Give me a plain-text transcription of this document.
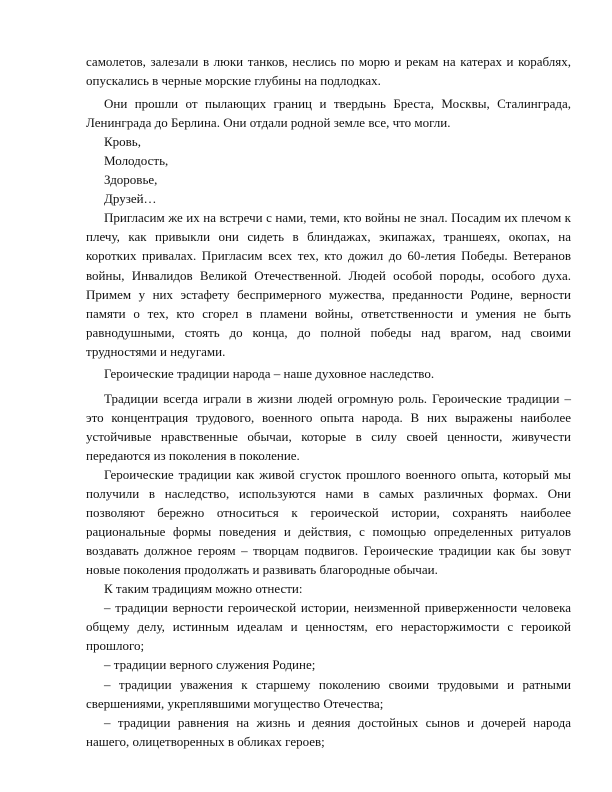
самолетов, залезали в люки танков, неслись по морю и рекам на катерах и кораблях, опускались в черные морские глубины на подлодках.

Они прошли от пылающих границ и твердынь Бреста, Москвы, Сталинграда, Ленинграда до Берлина. Они отдали родной земле все, что могли.

Кровь,

Молодость,

Здоровье,

Друзей…

Пригласим же их на встречи с нами, теми, кто войны не знал. Посадим их плечом к плечу, как привыкли они сидеть в блиндажах, экипажах, траншеях, окопах, на коротких привалах. Пригласим всех тех, кто дожил до 60-летия Победы. Ветеранов войны, Инвалидов Великой Отечественной. Людей особой породы, особого духа. Примем у них эстафету беспримерного мужества, преданности Родине, верности памяти о тех, кто сгорел в пламени войны, ответственности и умения не быть равнодушными, стоять до конца, до полной победы над врагом, над своими трудностями и недугами.

Героические традиции народа – наше духовное наследство.

Традиции всегда играли в жизни людей огромную роль. Героические традиции – это концентрация трудового, военного опыта народа. В них выражены наиболее устойчивые нравственные обычаи, которые в силу своей ценности, живучести передаются из поколения в поколение.

Героические традиции как живой сгусток прошлого военного опыта, который мы получили в наследство, используются нами в самых различных формах. Они позволяют бережно относиться к героической истории, сохранять наиболее рациональные формы поведения и действия, с помощью определенных ритуалов воздавать должное героям – творцам подвигов. Героические традиции как бы зовут новые поколения продолжать и развивать благородные обычаи.

К таким традициям можно отнести:

– традиции верности героической истории, неизменной приверженности человека общему делу, истинным идеалам и ценностям, его нерасторжимости с героикой прошлого;

– традиции верного служения Родине;

– традиции уважения к старшему поколению своими трудовыми и ратными свершениями, укреплявшими могущество Отечества;

– традиции равнения на жизнь и деяния достойных сынов и дочерей народа нашего, олицетворенных в обликах героев;
